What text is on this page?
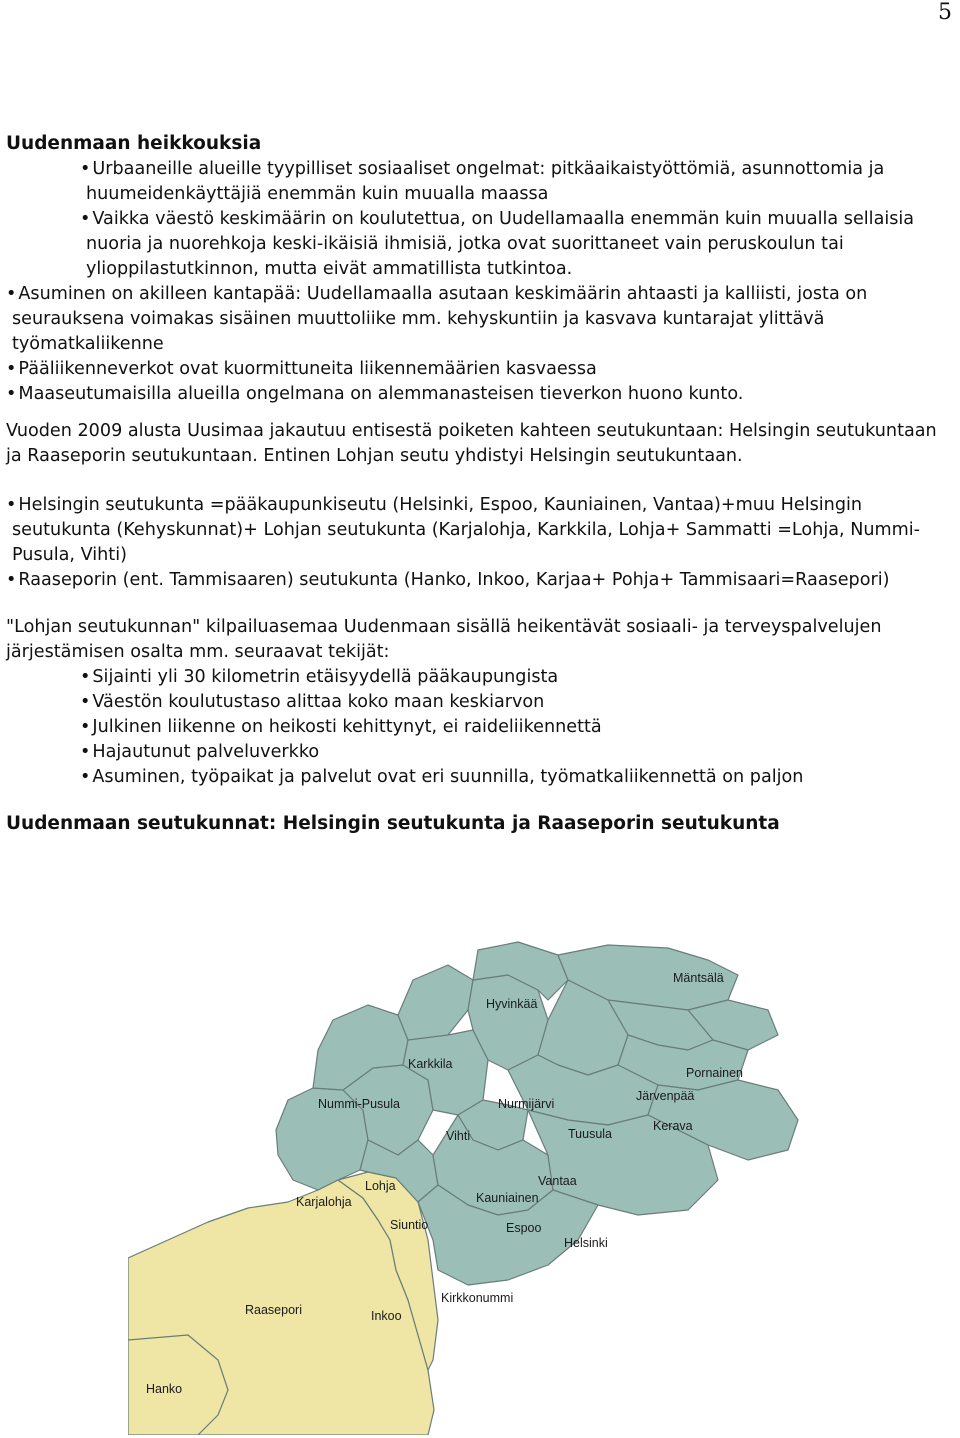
5

Uudenmaan heikkouksia

• Urbaaneille alueille tyypilliset sosiaaliset ongelmat: pitkäaikaistyöttömiä, asunnottomia ja huumeidenkäyttäjiä enemmän kuin muualla maassa

• Vaikka väestö keskimäärin on koulutettua, on Uudellamaalla enemmän kuin muualla sellaisia nuoria ja nuorehkoja keski-ikäisiä ihmisiä, jotka ovat suorittaneet vain peruskoulun tai ylioppilastutkinnon, mutta eivät ammatillista tutkintoa.

• Asuminen on akilleen kantapää: Uudellamaalla asutaan keskimäärin ahtaasti ja kalliisti, josta on seurauksena voimakas sisäinen muuttoliike mm. kehyskuntiin ja kasvava kuntarajat ylittävä työmatkaliikenne

• Pääliikenneverkot ovat kuormittuneita liikennemäärien kasvaessa

• Maaseutumaisilla alueilla ongelmana on alemmanasteisen tieverkon huono kunto.

Vuoden 2009 alusta Uusimaa jakautuu entisestä poiketen kahteen seutukuntaan: Helsingin seutukuntaan ja Raaseporin seutukuntaan. Entinen Lohjan seutu yhdistyi Helsingin seutukuntaan.

• Helsingin seutukunta =pääkaupunkiseutu (Helsinki, Espoo, Kauniainen, Vantaa)+muu Helsingin seutukunta (Kehyskunnat)+ Lohjan seutukunta (Karjalohja, Karkkila, Lohja+ Sammatti =Lohja, Nummi-Pusula, Vihti)

• Raaseporin (ent. Tammisaaren) seutukunta (Hanko, Inkoo, Karjaa+ Pohja+ Tammisaari=Raasepori)

"Lohjan seutukunnan" kilpailuasemaa Uudenmaan sisällä heikentävät sosiaali- ja terveyspalvelujen järjestämisen osalta mm. seuraavat tekijät:

• Sijainti yli 30 kilometrin etäisyydellä pääkaupungista

• Väestön koulutustaso alittaa koko maan keskiarvon

• Julkinen liikenne on heikosti kehittynyt, ei raideliikennettä

• Hajautunut palveluverkko

• Asuminen, työpaikat ja palvelut ovat eri suunnilla, työmatkaliikennettä on paljon

Uudenmaan seutukunnat: Helsingin seutukunta ja Raaseporin seutukunta

Hyvinkää
Mäntsälä
Karkkila
Pornainen
Järvenpää
Nummi-Pusula	Nurmijärvi
Kerava
Vihti	Tuusula
Lohja	Vantaa
Karjalohja	Kauniainen
Siuntio	Espoo
Helsinki
Kirkkonummi
Raasepori	Inkoo
Hanko
